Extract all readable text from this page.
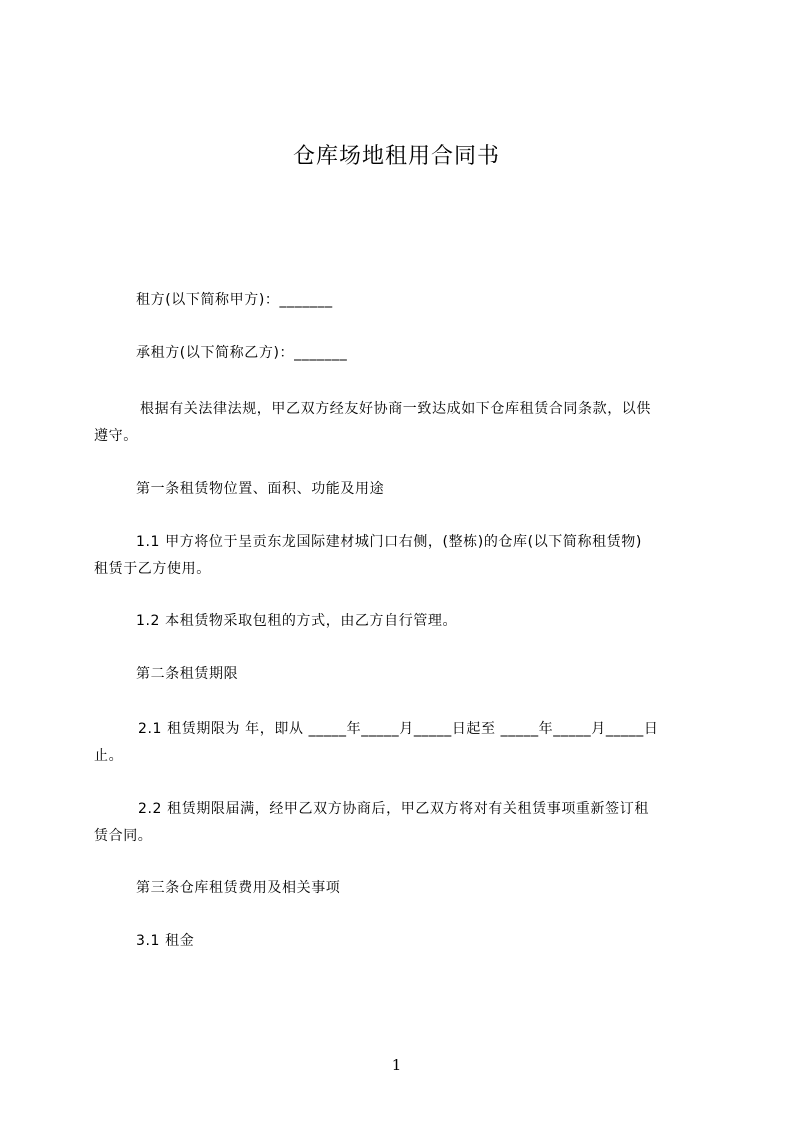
仓库场地租用合同书
租方(以下简称甲方)：_______
承租方(以下简称乙方)：_______
根据有关法律法规，甲乙双方经友好协商一致达成如下仓库租赁合同条款，以供
遵守。
第一条租赁物位置、面积、功能及用途
1.1 甲方将位于呈贡东龙国际建材城门口右侧，(整栋)的仓库(以下简称租赁物)
租赁于乙方使用。
1.2 本租赁物采取包租的方式，由乙方自行管理。
第二条租赁期限
2.1 租赁期限为 年，即从 _____年_____月_____日起至 _____年_____月_____日
止。
2.2 租赁期限届满，经甲乙双方协商后，甲乙双方将对有关租赁事项重新签订租
赁合同。
第三条仓库租赁费用及相关事项
3.1 租金
1
